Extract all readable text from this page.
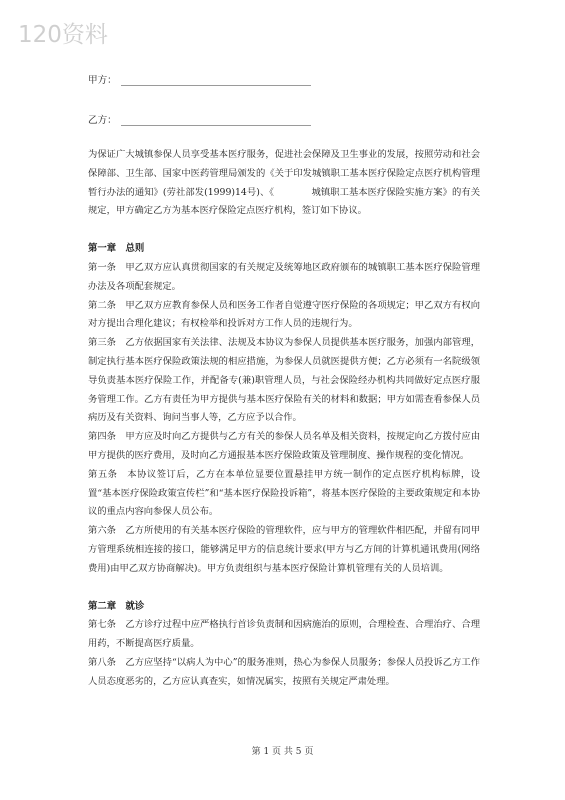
120资料
甲方：
乙方：

为保证广大城镇参保人员享受基本医疗服务，促进社会保障及卫生事业的发展，按照劳动和社会保障部、卫生部、国家中医药管理局颁发的《关于印发城镇职工基本医疗保险定点医疗机构管理暂行办法的通知》(劳社部发(1999)14号)、《　　　　城镇职工基本医疗保险实施方案》的有关规定，甲方确定乙方为基本医疗保险定点医疗机构，签订如下协议。

第一章　总则

第一条　甲乙双方应认真贯彻国家的有关规定及统筹地区政府颁布的城镇职工基本医疗保险管理办法及各项配套规定。

第二条　甲乙双方应教育参保人员和医务工作者自觉遵守医疗保险的各项规定；甲乙双方有权向对方提出合理化建议；有权检举和投诉对方工作人员的违规行为。

第三条　乙方依据国家有关法律、法规及本协议为参保人员提供基本医疗服务，加强内部管理，制定执行基本医疗保险政策法规的相应措施，为参保人员就医提供方便；乙方必须有一名院级领导负责基本医疗保险工作，并配备专(兼)职管理人员，与社会保险经办机构共同做好定点医疗服务管理工作。乙方有责任为甲方提供与基本医疗保险有关的材料和数据；甲方如需查看参保人员病历及有关资料、询问当事人等，乙方应予以合作。

第四条　甲方应及时向乙方提供与乙方有关的参保人员名单及相关资料，按规定向乙方拨付应由甲方提供的医疗费用，及时向乙方通报基本医疗保险政策及管理制度、操作规程的变化情况。

第五条　本协议签订后，乙方在本单位显要位置悬挂甲方统一制作的定点医疗机构标牌，设置“基本医疗保险政策宣传栏”和“基本医疗保险投诉箱”，将基本医疗保险的主要政策规定和本协议的重点内容向参保人员公布。

第六条　乙方所使用的有关基本医疗保险的管理软件，应与甲方的管理软件相匹配，并留有同甲方管理系统相连接的接口，能够满足甲方的信息统计要求(甲方与乙方间的计算机通讯费用(网络费用)由甲乙双方协商解决)。甲方负责组织与基本医疗保险计算机管理有关的人员培训。

第二章　就诊

第七条　乙方诊疗过程中应严格执行首诊负责制和因病施治的原则，合理检查、合理治疗、合理用药，不断提高医疗质量。

第八条　乙方应坚持“以病人为中心”的服务准则，热心为参保人员服务；参保人员投诉乙方工作人员态度恶劣的，乙方应认真查实，如情况属实，按照有关规定严肃处理。

第 1 页 共 5 页
